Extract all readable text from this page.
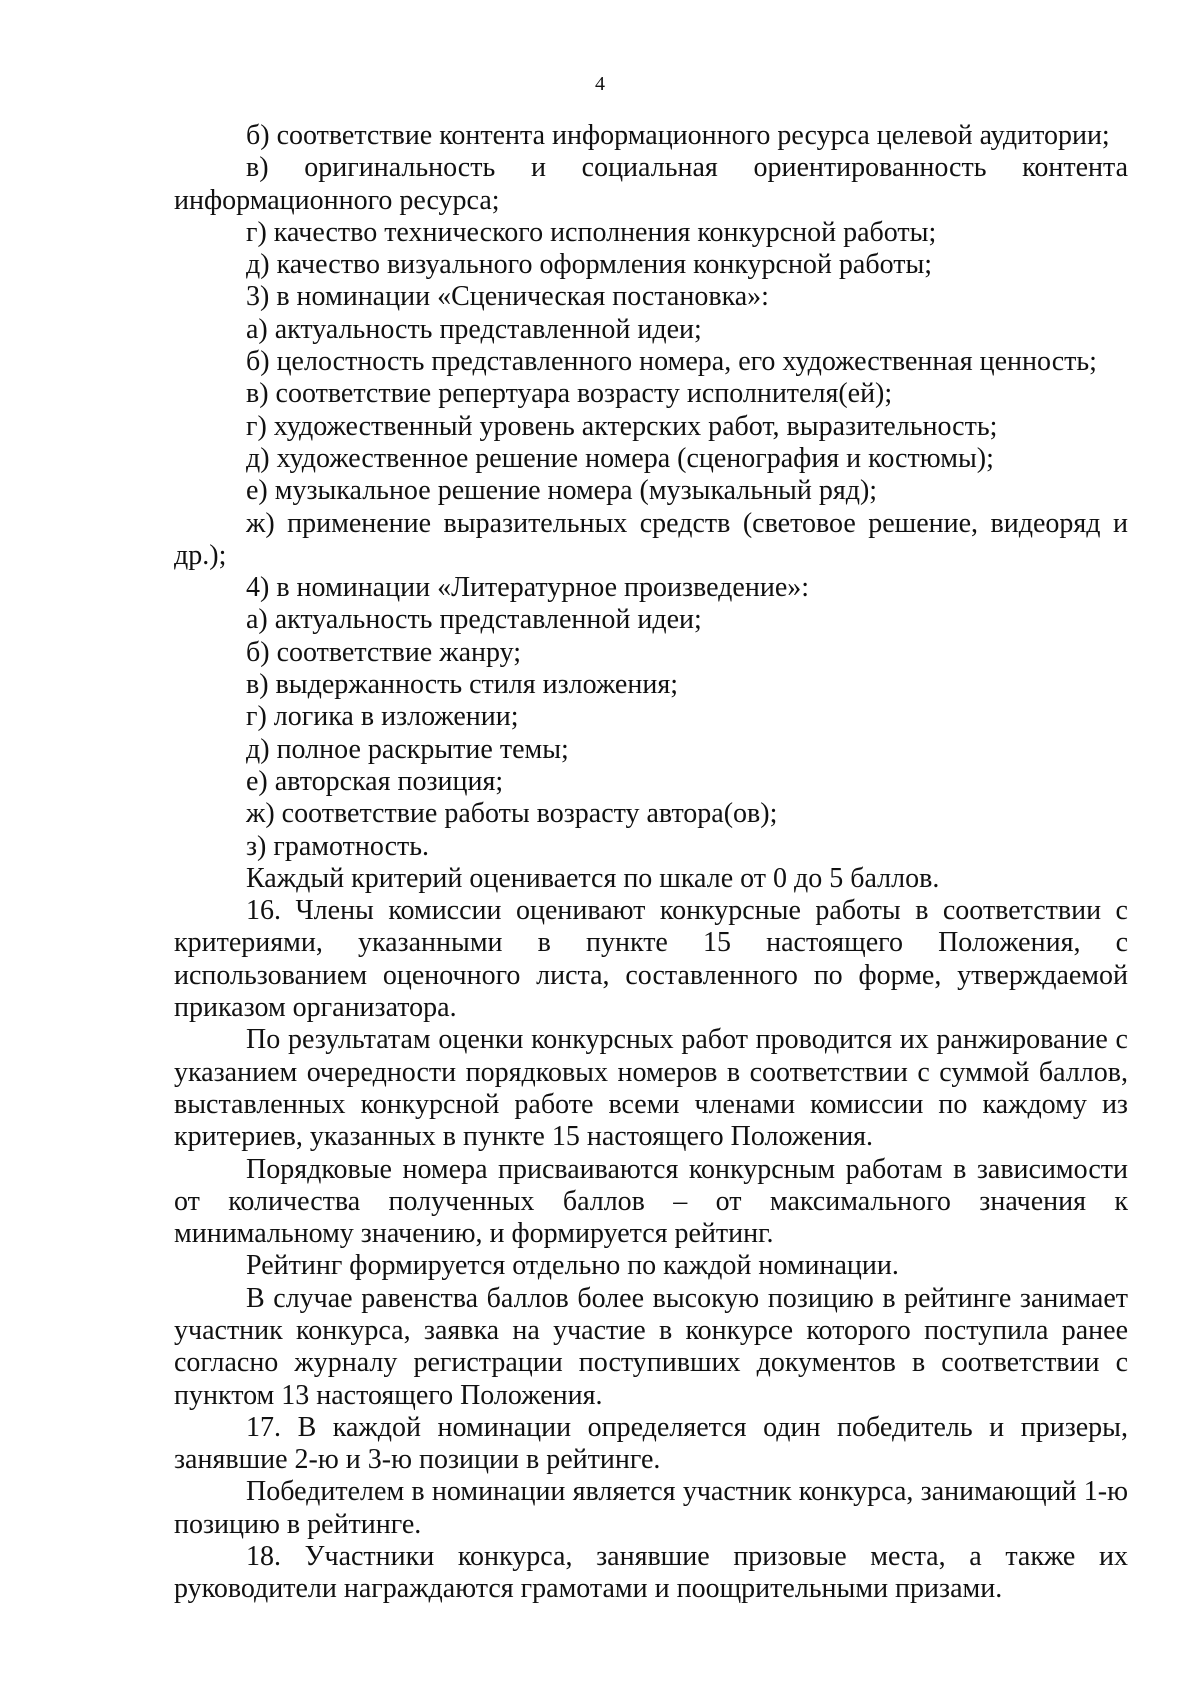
4

б) соответствие контента информационного ресурса целевой аудитории;

в) оригинальность и социальная ориентированность контента информационного ресурса;

г) качество технического исполнения конкурсной работы;

д) качество визуального оформления конкурсной работы;

3) в номинации «Сценическая постановка»:

а) актуальность представленной идеи;

б) целостность представленного номера, его художественная ценность;

в) соответствие репертуара возрасту исполнителя(ей);

г) художественный уровень актерских работ, выразительность;

д) художественное решение номера (сценография и костюмы);

е) музыкальное решение номера (музыкальный ряд);

ж) применение выразительных средств (световое решение, видеоряд и др.);

4) в номинации «Литературное произведение»:

а) актуальность представленной идеи;

б) соответствие жанру;

в) выдержанность стиля изложения;

г) логика в изложении;

д) полное раскрытие темы;

е) авторская позиция;

ж) соответствие работы возрасту автора(ов);

з) грамотность.

Каждый критерий оценивается по шкале от 0 до 5 баллов.

16. Члены комиссии оценивают конкурсные работы в соответствии с критериями, указанными в пункте 15 настоящего Положения, с использованием оценочного листа, составленного по форме, утверждаемой приказом организатора.

По результатам оценки конкурсных работ проводится их ранжирование с указанием очередности порядковых номеров в соответствии с суммой баллов, выставленных конкурсной работе всеми членами комиссии по каждому из критериев, указанных в пункте 15 настоящего Положения.

Порядковые номера присваиваются конкурсным работам в зависимости от количества полученных баллов – от максимального значения к минимальному значению, и формируется рейтинг.

Рейтинг формируется отдельно по каждой номинации.

В случае равенства баллов более высокую позицию в рейтинге занимает участник конкурса, заявка на участие в конкурсе которого поступила ранее согласно журналу регистрации поступивших документов в соответствии с пунктом 13 настоящего Положения.

17. В каждой номинации определяется один победитель и призеры, занявшие 2-ю и 3-ю позиции в рейтинге.

Победителем в номинации является участник конкурса, занимающий 1-ю позицию в рейтинге.

18. Участники конкурса, занявшие призовые места, а также их руководители награждаются грамотами и поощрительными призами.
